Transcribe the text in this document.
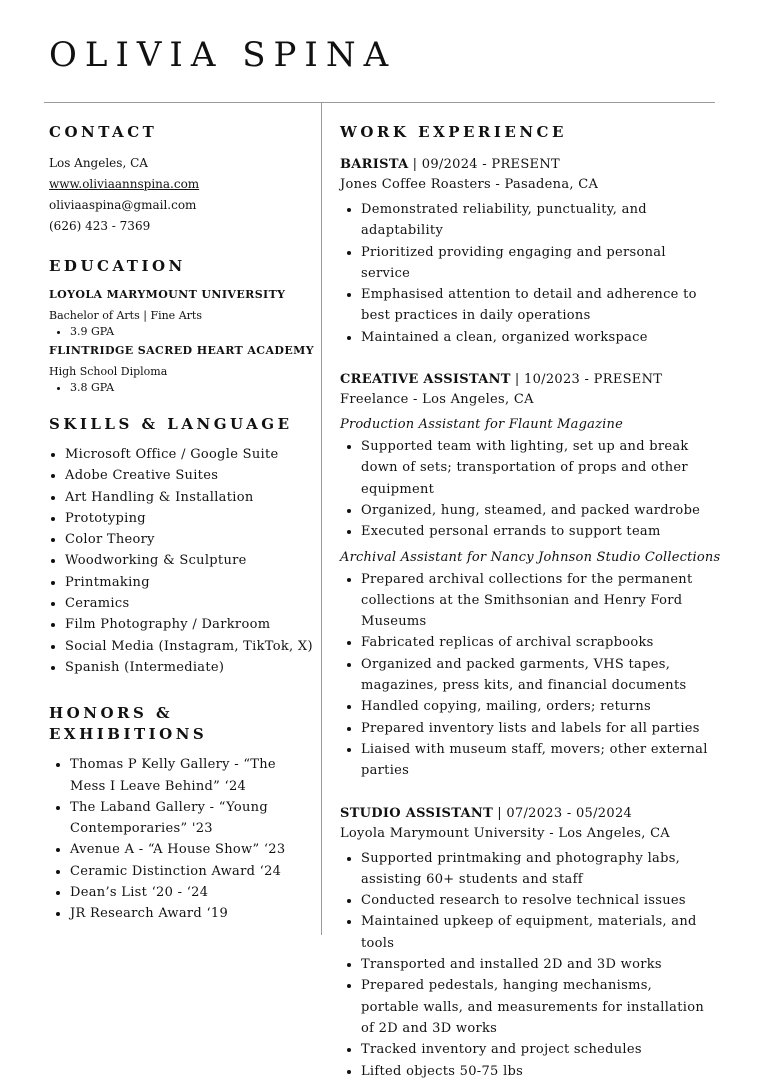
OLIVIA SPINA
CONTACT
Los Angeles, CA
www.oliviaannspina.com
oliviaaspina@gmail.com
(626) 423 - 7369
EDUCATION
LOYOLA MARYMOUNT UNIVERSITY
Bachelor of Arts | Fine Arts
• 3.9 GPA
FLINTRIDGE SACRED HEART ACADEMY
High School Diploma
• 3.8 GPA
SKILLS & LANGUAGE
• Microsoft Office / Google Suite
• Adobe Creative Suites
• Art Handling & Installation
• Prototyping
• Color Theory
• Woodworking & Sculpture
• Printmaking
• Ceramics
• Film Photography / Darkroom
• Social Media (Instagram, TikTok, X)
• Spanish (Intermediate)
HONORS & EXHIBITIONS
• Thomas P Kelly Gallery - “The Mess I Leave Behind” ‘24
• The Laband Gallery - “Young Contemporaries” '23
• Avenue A - “A House Show” ‘23
• Ceramic Distinction Award ‘24
• Dean’s List ‘20 - ‘24
• JR Research Award ‘19
WORK EXPERIENCE
BARISTA | 09/2024 - PRESENT
Jones Coffee Roasters - Pasadena, CA
• Demonstrated reliability, punctuality, and adaptability
• Prioritized providing engaging and personal service
• Emphasised attention to detail and adherence to best practices in daily operations
• Maintained a clean, organized workspace
CREATIVE ASSISTANT | 10/2023 - PRESENT
Freelance - Los Angeles, CA
Production Assistant for Flaunt Magazine
• Supported team with lighting, set up and break down of sets; transportation of props and other equipment
• Organized, hung, steamed, and packed wardrobe
• Executed personal errands to support team
Archival Assistant for Nancy Johnson Studio Collections
• Prepared archival collections for the permanent collections at the Smithsonian and Henry Ford Museums
• Fabricated replicas of archival scrapbooks
• Organized and packed garments, VHS tapes, magazines, press kits, and financial documents
• Handled copying, mailing, orders; returns
• Prepared inventory lists and labels for all parties
• Liaised with museum staff, movers; other external parties
STUDIO ASSISTANT | 07/2023 - 05/2024
Loyola Marymount University - Los Angeles, CA
• Supported printmaking and photography labs, assisting 60+ students and staff
• Conducted research to resolve technical issues
• Maintained upkeep of equipment, materials, and tools
• Transported and installed 2D and 3D works
• Prepared pedestals, hanging mechanisms, portable walls, and measurements for installation of 2D and 3D works
• Tracked inventory and project schedules
• Lifted objects 50-75 lbs
